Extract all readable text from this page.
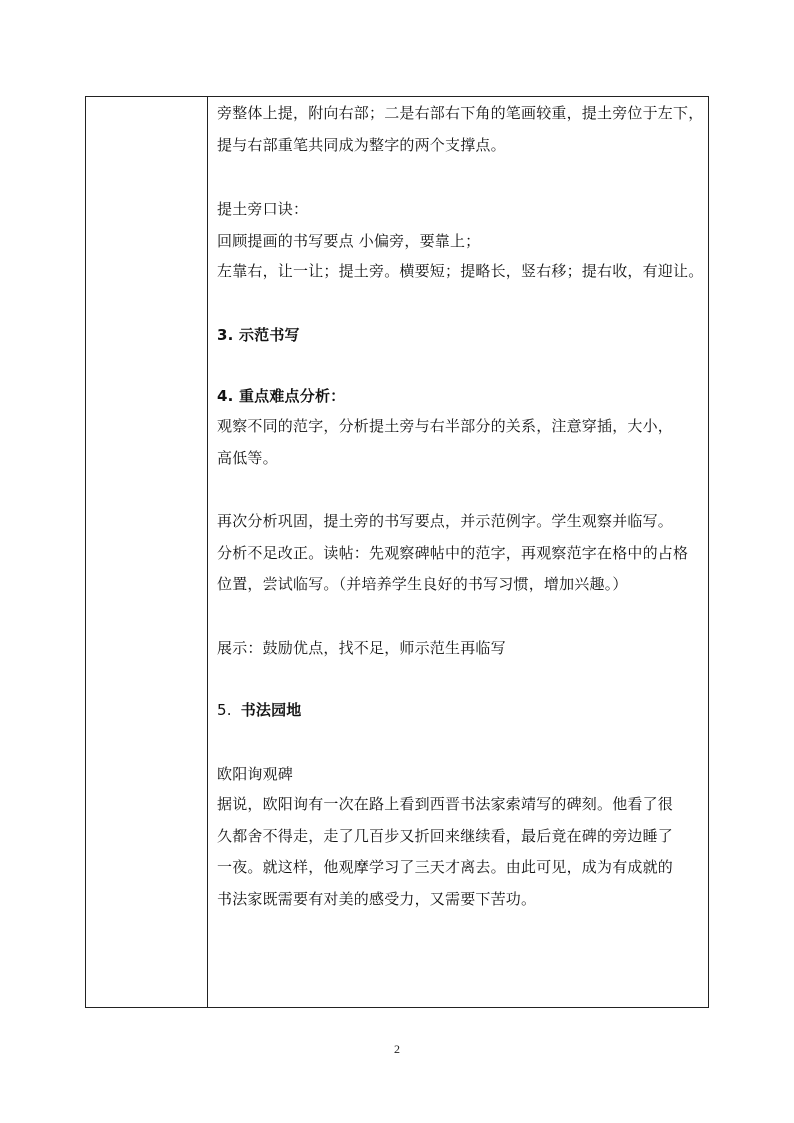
旁整体上提，附向右部；二是右部右下角的笔画较重，提土旁位于左下，
提与右部重笔共同成为整字的两个支撑点。
提土旁口诀：
回顾提画的书写要点 小偏旁，要靠上；
左靠右，让一让；提土旁。横要短；提略长，竖右移；提右收，有迎让。
3. 示范书写
4. 重点难点分析：
观察不同的范字，分析提土旁与右半部分的关系，注意穿插，大小，
高低等。
再次分析巩固，提土旁的书写要点，并示范例字。学生观察并临写。
分析不足改正。读帖：先观察碑帖中的范字，再观察范字在格中的占格
位置，尝试临写。（并培养学生良好的书写习惯，增加兴趣。）
展示：鼓励优点，找不足，师示范生再临写
5. 书法园地
欧阳询观碑
据说，欧阳询有一次在路上看到西晋书法家索靖写的碑刻。他看了很
久都舍不得走，走了几百步又折回来继续看，最后竟在碑的旁边睡了
一夜。就这样，他观摩学习了三天才离去。由此可见，成为有成就的
书法家既需要有对美的感受力，又需要下苦功。
2
